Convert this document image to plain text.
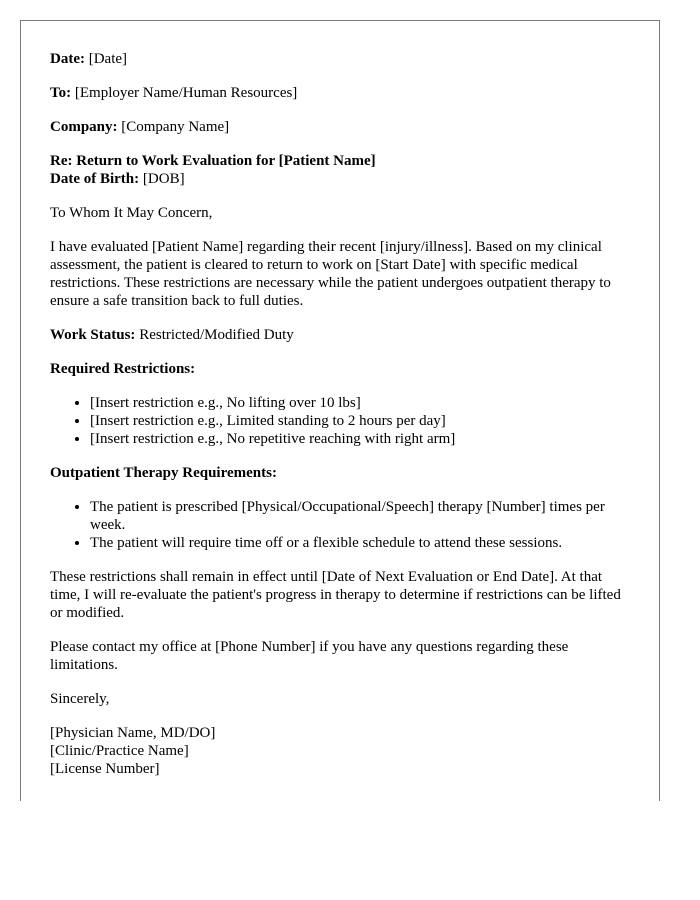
Date: [Date]

To: [Employer Name/Human Resources]

Company: [Company Name]

Re: Return to Work Evaluation for [Patient Name]
Date of Birth: [DOB]

To Whom It May Concern,

I have evaluated [Patient Name] regarding their recent [injury/illness]. Based on my clinical assessment, the patient is cleared to return to work on [Start Date] with specific medical restrictions. These restrictions are necessary while the patient undergoes outpatient therapy to ensure a safe transition back to full duties.

Work Status: Restricted/Modified Duty

Required Restrictions:

• [Insert restriction e.g., No lifting over 10 lbs]
• [Insert restriction e.g., Limited standing to 2 hours per day]
• [Insert restriction e.g., No repetitive reaching with right arm]

Outpatient Therapy Requirements:

• The patient is prescribed [Physical/Occupational/Speech] therapy [Number] times per week.
• The patient will require time off or a flexible schedule to attend these sessions.

These restrictions shall remain in effect until [Date of Next Evaluation or End Date]. At that time, I will re-evaluate the patient's progress in therapy to determine if restrictions can be lifted or modified.

Please contact my office at [Phone Number] if you have any questions regarding these limitations.

Sincerely,

[Physician Name, MD/DO]
[Clinic/Practice Name]
[License Number]
